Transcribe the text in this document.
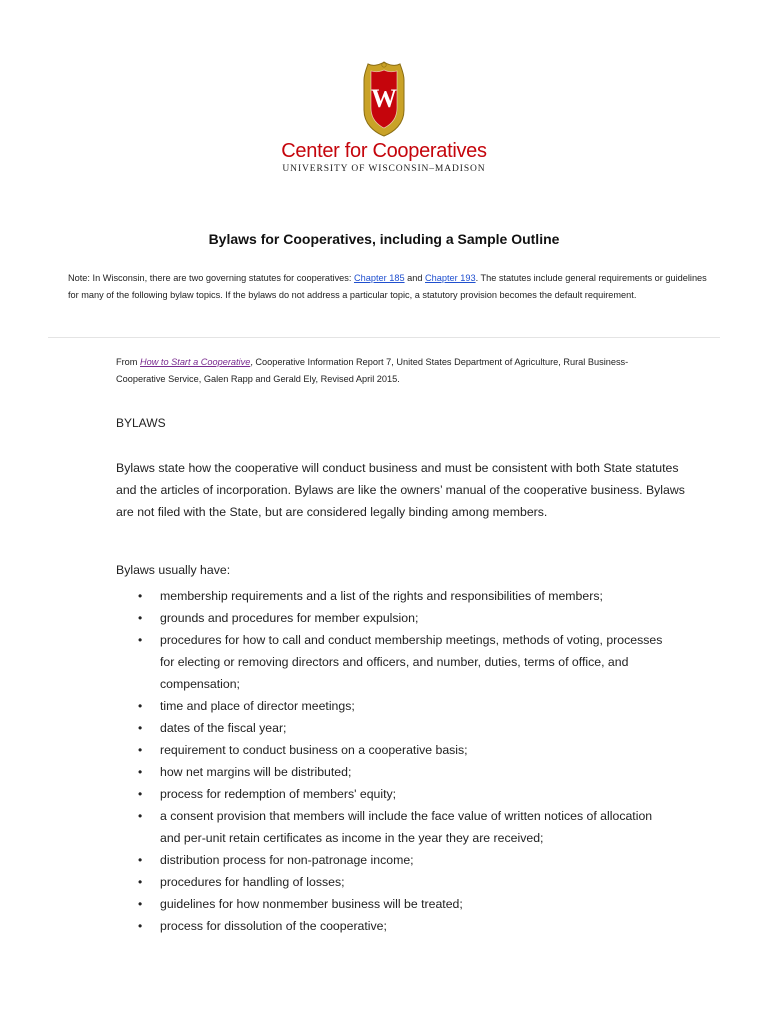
W
Center for Cooperatives
UNIVERSITY OF WISCONSIN–MADISON
Bylaws for Cooperatives, including a Sample Outline
Note: In Wisconsin, there are two governing statutes for cooperatives: Chapter 185 and Chapter 193. The statutes include general requirements or guidelines for many of the following bylaw topics. If the bylaws do not address a particular topic, a statutory provision becomes the default requirement.
From How to Start a Cooperative, Cooperative Information Report 7, United States Department of Agriculture, Rural Business-Cooperative Service, Galen Rapp and Gerald Ely, Revised April 2015.
BYLAWS
Bylaws state how the cooperative will conduct business and must be consistent with both State statutes and the articles of incorporation. Bylaws are like the owners’ manual of the cooperative business. Bylaws are not filed with the State, but are considered legally binding among members.
Bylaws usually have:
• membership requirements and a list of the rights and responsibilities of members;
• grounds and procedures for member expulsion;
• procedures for how to call and conduct membership meetings, methods of voting, processes for electing or removing directors and officers, and number, duties, terms of office, and compensation;
• time and place of director meetings;
• dates of the fiscal year;
• requirement to conduct business on a cooperative basis;
• how net margins will be distributed;
• process for redemption of members' equity;
• a consent provision that members will include the face value of written notices of allocation and per-unit retain certificates as income in the year they are received;
• distribution process for non-patronage income;
• procedures for handling of losses;
• guidelines for how nonmember business will be treated;
• process for dissolution of the cooperative;
